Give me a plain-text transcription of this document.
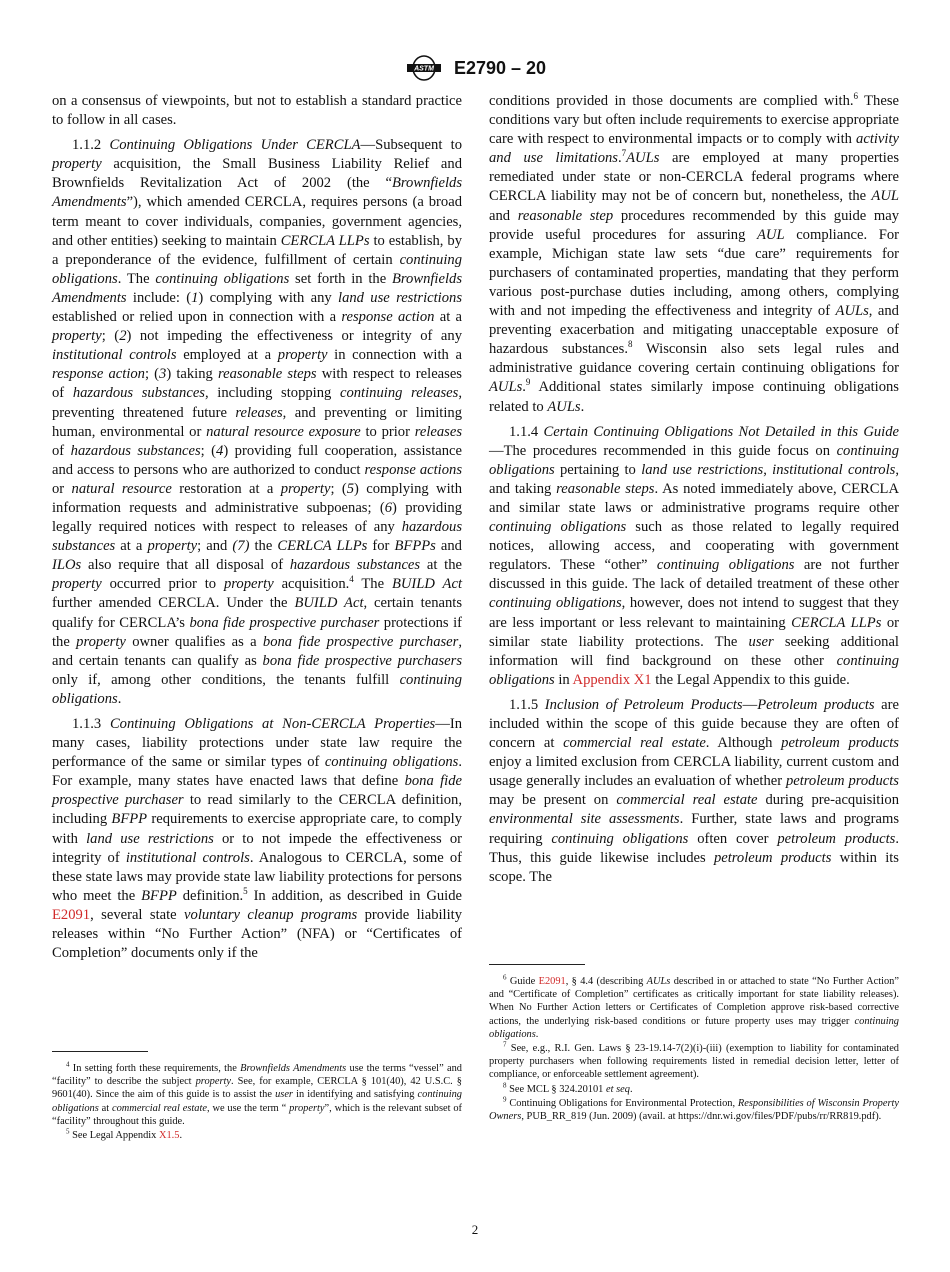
ASTM E2790 – 20

on a consensus of viewpoints, but not to establish a standard practice to follow in all cases.

1.1.2 Continuing Obligations Under CERCLA—Subsequent to property acquisition, the Small Business Liability Relief and Brownfields Revitalization Act of 2002 (the “Brownfields Amendments”), which amended CERCLA, requires persons (a broad term meant to cover individuals, companies, government agencies, and other entities) seeking to maintain CERCLA LLPs to establish, by a preponderance of the evidence, fulfillment of certain continuing obligations. The continuing obligations set forth in the Brownfields Amendments include: (1) complying with any land use restrictions established or relied upon in connection with a response action at a property; (2) not impeding the effectiveness or integrity of any institutional controls employed at a property in connection with a response action; (3) taking reasonable steps with respect to releases of hazardous substances, including stopping continuing releases, preventing threatened future releases, and preventing or limiting human, environmental or natural resource exposure to prior releases of hazardous substances; (4) providing full cooperation, assistance and access to persons who are authorized to conduct response actions or natural resource restoration at a property; (5) complying with information requests and administrative subpoenas; (6) providing legally required notices with respect to releases of any hazardous substances at a property; and (7) the CERLCA LLPs for BFPPs and ILOs also require that all disposal of hazardous substances at the property occurred prior to property acquisition.$^4$ The BUILD Act further amended CERCLA. Under the BUILD Act, certain tenants qualify for CERCLA’s bona fide prospective purchaser protections if the property owner qualifies as a bona fide prospective purchaser, and certain tenants can qualify as bona fide prospective purchasers only if, among other conditions, the tenants fulfill continuing obligations.

1.1.3 Continuing Obligations at Non-CERCLA Properties—In many cases, liability protections under state law require the performance of the same or similar types of continuing obligations. For example, many states have enacted laws that define bona fide prospective purchaser to read similarly to the CERCLA definition, including BFPP requirements to exercise appropriate care, to comply with land use restrictions or to not impede the effectiveness or integrity of institutional controls. Analogous to CERCLA, some of these state laws may provide state law liability protections for persons who meet the BFPP definition.$^5$ In addition, as described in Guide E2091, several state voluntary cleanup programs provide liability releases within “No Further Action” (NFA) or “Certificates of Completion” documents only if the

conditions provided in those documents are complied with.$^6$ These conditions vary but often include requirements to exercise appropriate care with respect to environmental impacts or to comply with activity and use limitations.$^7$AULs are employed at many properties remediated under state or non-CERCLA federal programs where CERCLA liability may not be of concern but, nonetheless, the AUL and reasonable step procedures recommended by this guide may provide useful procedures for assuring AUL compliance. For example, Michigan state law sets “due care” requirements for purchasers of contaminated properties, mandating that they perform various post-purchase duties including, among others, complying with and not impeding the effectiveness and integrity of AULs, and preventing exacerbation and mitigating unacceptable exposure of hazardous substances.$^8$ Wisconsin also sets legal rules and administrative guidance covering certain continuing obligations for AULs.$^9$ Additional states similarly impose continuing obligations related to AULs.

1.1.4 Certain Continuing Obligations Not Detailed in this Guide—The procedures recommended in this guide focus on continuing obligations pertaining to land use restrictions, institutional controls, and taking reasonable steps. As noted immediately above, CERCLA and similar state laws or administrative programs require other continuing obligations such as those related to legally required notices, allowing access, and cooperating with government regulators. These “other” continuing obligations are not further discussed in this guide. The lack of detailed treatment of these other continuing obligations, however, does not intend to suggest that they are less important or less relevant to maintaining CERCLA LLPs or similar state liability protections. The user seeking additional information will find background on these other continuing obligations in Appendix X1 the Legal Appendix to this guide.

1.1.5 Inclusion of Petroleum Products—Petroleum products are included within the scope of this guide because they are often of concern at commercial real estate. Although petroleum products enjoy a limited exclusion from CERCLA liability, current custom and usage generally includes an evaluation of whether petroleum products may be present on commercial real estate during pre-acquisition environmental site assessments. Further, state laws and programs requiring continuing obligations often cover petroleum products. Thus, this guide likewise includes petroleum products within its scope. The

$^4$ In setting forth these requirements, the Brownfields Amendments use the terms “vessel” and “facility” to describe the subject property. See, for example, CERCLA § 101(40), 42 U.S.C. § 9601(40). Since the aim of this guide is to assist the user in identifying and satisfying continuing obligations at commercial real estate, we use the term “ property”, which is the relevant subset of “facility” throughout this guide.

$^5$ See Legal Appendix X1.5.

$^6$ Guide E2091, § 4.4 (describing AULs described in or attached to state “No Further Action” and “Certificate of Completion” certificates as critically important for state liability releases). When No Further Action letters or Certificates of Completion approve risk-based corrective actions, the underlying risk-based conditions or future property uses may trigger continuing obligations.

$^7$ See, e.g., R.I. Gen. Laws § 23-19.14-7(2)(i)-(iii) (exemption to liability for contaminated property purchasers when following requirements listed in remedial decision letter, letter of compliance, or enforceable settlement agreement).

$^8$ See MCL § 324.20101 et seq.

$^9$ Continuing Obligations for Environmental Protection, Responsibilities of Wisconsin Property Owners, PUB_RR_819 (Jun. 2009) (avail. at https://dnr.wi.gov/files/PDF/pubs/rr/RR819.pdf).

2
